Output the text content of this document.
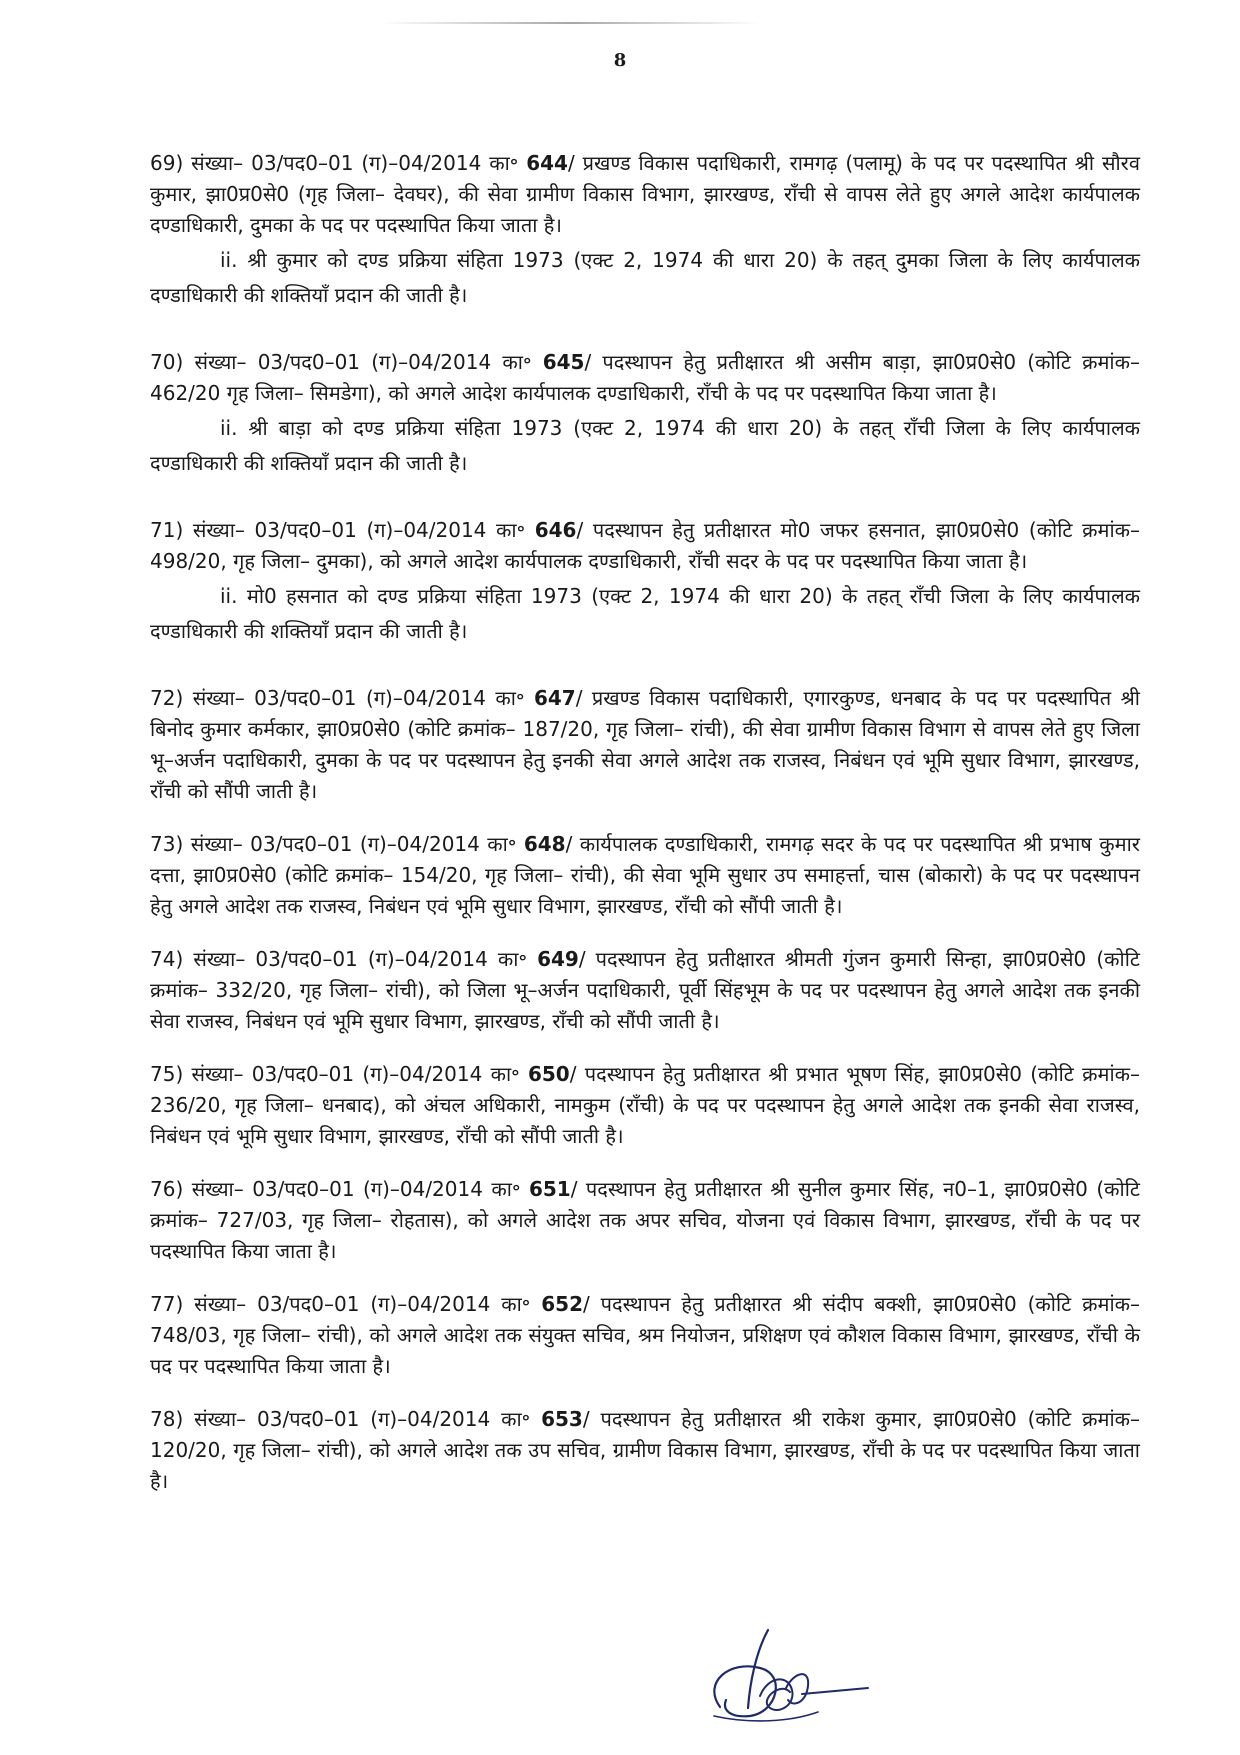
8

69) संख्या– 03/पद0–01 (ग)–04/2014 का॰ 644/ प्रखण्ड विकास पदाधिकारी, रामगढ़ (पलामू) के पद पर पदस्थापित श्री सौरव कुमार, झा0प्र0से0 (गृह जिला– देवघर), की सेवा ग्रामीण विकास विभाग, झारखण्ड, राँची से वापस लेते हुए अगले आदेश कार्यपालक दण्डाधिकारी, दुमका के पद पर पदस्थापित किया जाता है।

ii. श्री कुमार को दण्ड प्रक्रिया संहिता 1973 (एक्ट 2, 1974 की धारा 20) के तहत् दुमका जिला के लिए कार्यपालक दण्डाधिकारी की शक्तियाँ प्रदान की जाती है।

70) संख्या– 03/पद0–01 (ग)–04/2014 का॰ 645/ पदस्थापन हेतु प्रतीक्षारत श्री असीम बाड़ा, झा0प्र0से0 (कोटि क्रमांक– 462/20 गृह जिला– सिमडेगा), को अगले आदेश कार्यपालक दण्डाधिकारी, राँची के पद पर पदस्थापित किया जाता है।

ii. श्री बाड़ा को दण्ड प्रक्रिया संहिता 1973 (एक्ट 2, 1974 की धारा 20) के तहत् राँची जिला के लिए कार्यपालक दण्डाधिकारी की शक्तियाँ प्रदान की जाती है।

71) संख्या– 03/पद0–01 (ग)–04/2014 का॰ 646/ पदस्थापन हेतु प्रतीक्षारत मो0 जफर हसनात, झा0प्र0से0 (कोटि क्रमांक– 498/20, गृह जिला– दुमका), को अगले आदेश कार्यपालक दण्डाधिकारी, राँची सदर के पद पर पदस्थापित किया जाता है।

ii. मो0 हसनात को दण्ड प्रक्रिया संहिता 1973 (एक्ट 2, 1974 की धारा 20) के तहत् राँची जिला के लिए कार्यपालक दण्डाधिकारी की शक्तियाँ प्रदान की जाती है।

72) संख्या– 03/पद0–01 (ग)–04/2014 का॰ 647/ प्रखण्ड विकास पदाधिकारी, एगारकुण्ड, धनबाद के पद पर पदस्थापित श्री बिनोद कुमार कर्मकार, झा0प्र0से0 (कोटि क्रमांक– 187/20, गृह जिला– रांची), की सेवा ग्रामीण विकास विभाग से वापस लेते हुए जिला भू–अर्जन पदाधिकारी, दुमका के पद पर पदस्थापन हेतु इनकी सेवा अगले आदेश तक राजस्व, निबंधन एवं भूमि सुधार विभाग, झारखण्ड, राँची को सौंपी जाती है।

73) संख्या– 03/पद0–01 (ग)–04/2014 का॰ 648/ कार्यपालक दण्डाधिकारी, रामगढ़ सदर के पद पर पदस्थापित श्री प्रभाष कुमार दत्ता, झा0प्र0से0 (कोटि क्रमांक– 154/20, गृह जिला– रांची), की सेवा भूमि सुधार उप समाहर्त्ता, चास (बोकारो) के पद पर पदस्थापन हेतु अगले आदेश तक राजस्व, निबंधन एवं भूमि सुधार विभाग, झारखण्ड, राँची को सौंपी जाती है।

74) संख्या– 03/पद0–01 (ग)–04/2014 का॰ 649/ पदस्थापन हेतु प्रतीक्षारत श्रीमती गुंजन कुमारी सिन्हा, झा0प्र0से0 (कोटि क्रमांक– 332/20, गृह जिला– रांची), को जिला भू–अर्जन पदाधिकारी, पूर्वी सिंहभूम के पद पर पदस्थापन हेतु अगले आदेश तक इनकी सेवा राजस्व, निबंधन एवं भूमि सुधार विभाग, झारखण्ड, राँची को सौंपी जाती है।

75) संख्या– 03/पद0–01 (ग)–04/2014 का॰ 650/ पदस्थापन हेतु प्रतीक्षारत श्री प्रभात भूषण सिंह, झा0प्र0से0 (कोटि क्रमांक– 236/20, गृह जिला– धनबाद), को अंचल अधिकारी, नामकुम (राँची) के पद पर पदस्थापन हेतु अगले आदेश तक इनकी सेवा राजस्व, निबंधन एवं भूमि सुधार विभाग, झारखण्ड, राँची को सौंपी जाती है।

76) संख्या– 03/पद0–01 (ग)–04/2014 का॰ 651/ पदस्थापन हेतु प्रतीक्षारत श्री सुनील कुमार सिंह, न0–1, झा0प्र0से0 (कोटि क्रमांक– 727/03, गृह जिला– रोहतास), को अगले आदेश तक अपर सचिव, योजना एवं विकास विभाग, झारखण्ड, राँची के पद पर पदस्थापित किया जाता है।

77) संख्या– 03/पद0–01 (ग)–04/2014 का॰ 652/ पदस्थापन हेतु प्रतीक्षारत श्री संदीप बक्शी, झा0प्र0से0 (कोटि क्रमांक– 748/03, गृह जिला– रांची), को अगले आदेश तक संयुक्त सचिव, श्रम नियोजन, प्रशिक्षण एवं कौशल विकास विभाग, झारखण्ड, राँची के पद पर पदस्थापित किया जाता है।

78) संख्या– 03/पद0–01 (ग)–04/2014 का॰ 653/ पदस्थापन हेतु प्रतीक्षारत श्री राकेश कुमार, झा0प्र0से0 (कोटि क्रमांक– 120/20, गृह जिला– रांची), को अगले आदेश तक उप सचिव, ग्रामीण विकास विभाग, झारखण्ड, राँची के पद पर पदस्थापित किया जाता है।
